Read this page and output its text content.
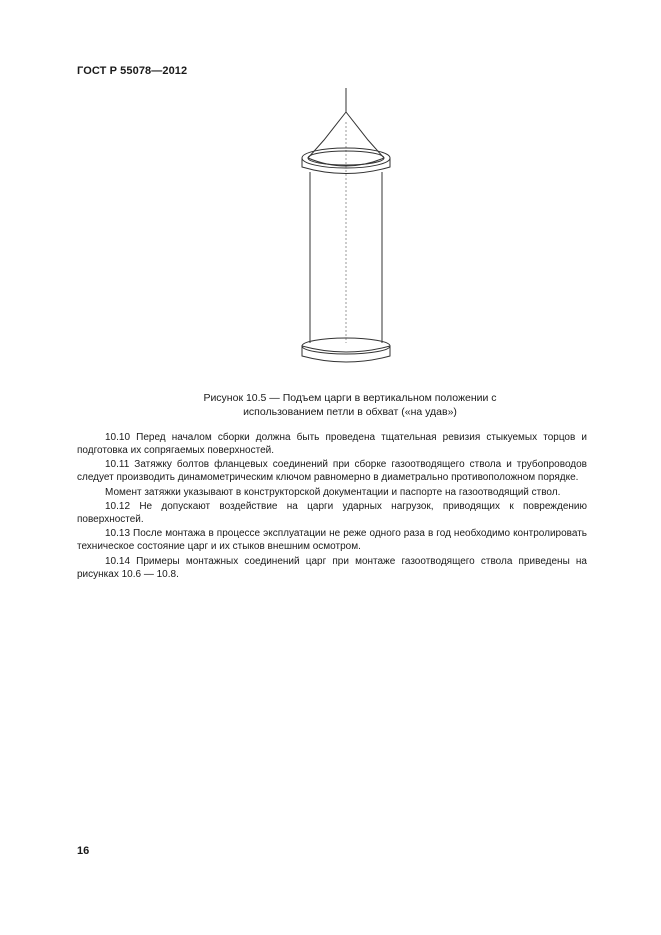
ГОСТ Р 55078—2012
Рисунок 10.5 — Подъем царги в вертикальном положении с
использованием петли в обхват («на удав»)

10.10 Перед началом сборки должна быть проведена тщательная ревизия стыкуемых торцов и подготовка их сопрягаемых поверхностей.

10.11 Затяжку болтов фланцевых соединений при сборке газоотводящего ствола и трубопроводов следует производить динамометрическим ключом равномерно в диаметрально противоположном порядке.

Момент затяжки указывают в конструкторской документации и паспорте на газоотводящий ствол.

10.12 Не допускают воздействие на царги ударных нагрузок, приводящих к повреждению поверхностей.

10.13 После монтажа в процессе эксплуатации не реже одного раза в год необходимо контролировать техническое состояние царг и их стыков внешним осмотром.

10.14 Примеры монтажных соединений царг при монтаже газоотводящего ствола приведены на рисунках 10.6 — 10.8.

16
